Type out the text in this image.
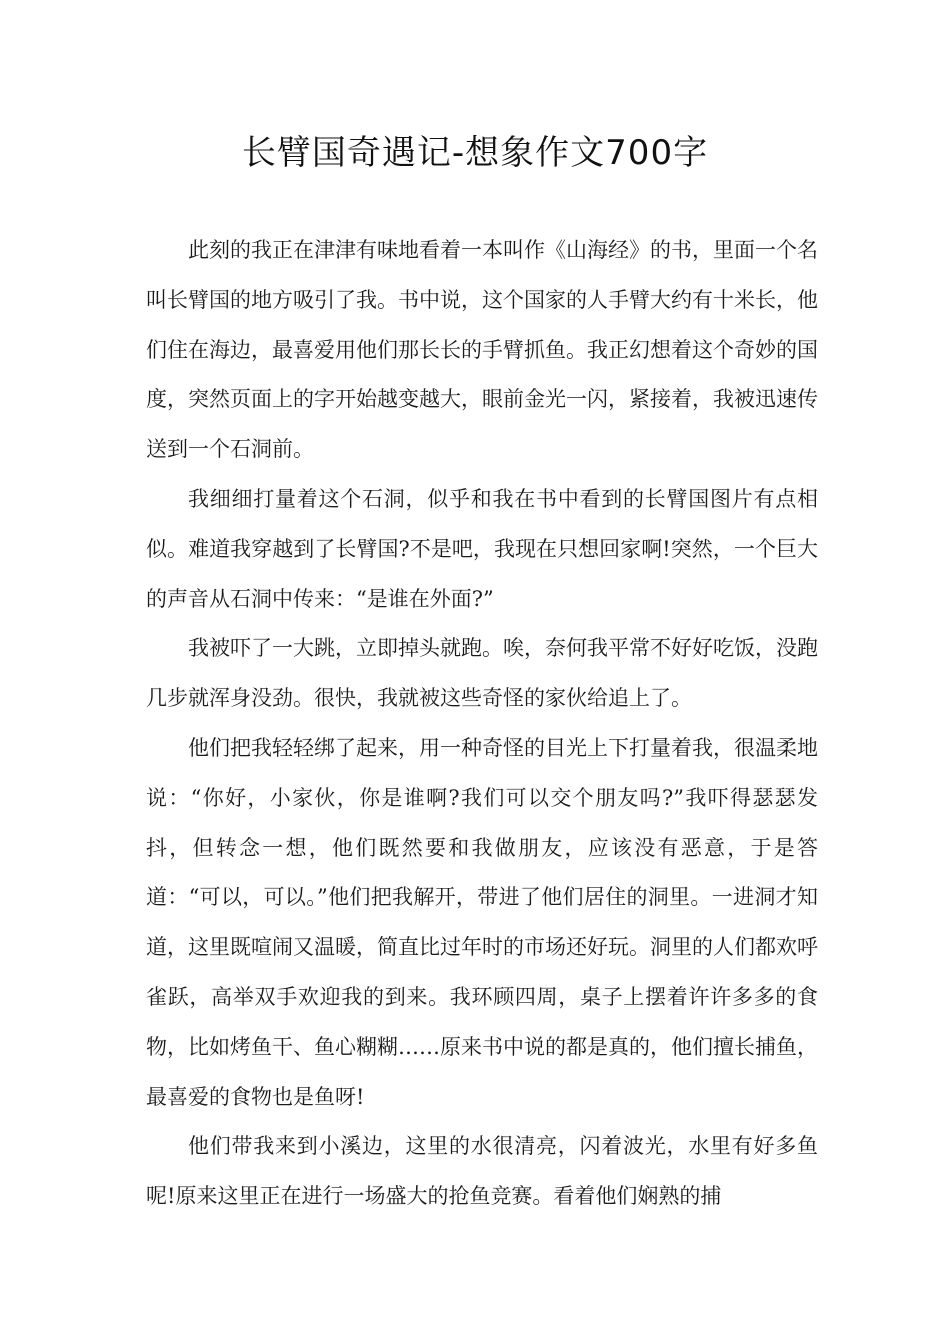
长臂国奇遇记-想象作文700字

此刻的我正在津津有味地看着一本叫作《山海经》的书，里面一个名叫长臂国的地方吸引了我。书中说，这个国家的人手臂大约有十米长，他们住在海边，最喜爱用他们那长长的手臂抓鱼。我正幻想着这个奇妙的国度，突然页面上的字开始越变越大，眼前金光一闪，紧接着，我被迅速传送到一个石洞前。

我细细打量着这个石洞，似乎和我在书中看到的长臂国图片有点相似。难道我穿越到了长臂国?不是吧，我现在只想回家啊!突然，一个巨大的声音从石洞中传来：“是谁在外面?”

我被吓了一大跳，立即掉头就跑。唉，奈何我平常不好好吃饭，没跑几步就浑身没劲。很快，我就被这些奇怪的家伙给追上了。

他们把我轻轻绑了起来，用一种奇怪的目光上下打量着我，很温柔地说：“你好，小家伙，你是谁啊?我们可以交个朋友吗?”我吓得瑟瑟发抖，但转念一想，他们既然要和我做朋友，应该没有恶意，于是答道：“可以，可以。”他们把我解开，带进了他们居住的洞里。一进洞才知道，这里既喧闹又温暖，简直比过年时的市场还好玩。洞里的人们都欢呼雀跃，高举双手欢迎我的到来。我环顾四周，桌子上摆着许许多多的食物，比如烤鱼干、鱼心糊糊……原来书中说的都是真的，他们擅长捕鱼，最喜爱的食物也是鱼呀!

他们带我来到小溪边，这里的水很清亮，闪着波光，水里有好多鱼呢!原来这里正在进行一场盛大的抢鱼竞赛。看着他们娴熟的捕
